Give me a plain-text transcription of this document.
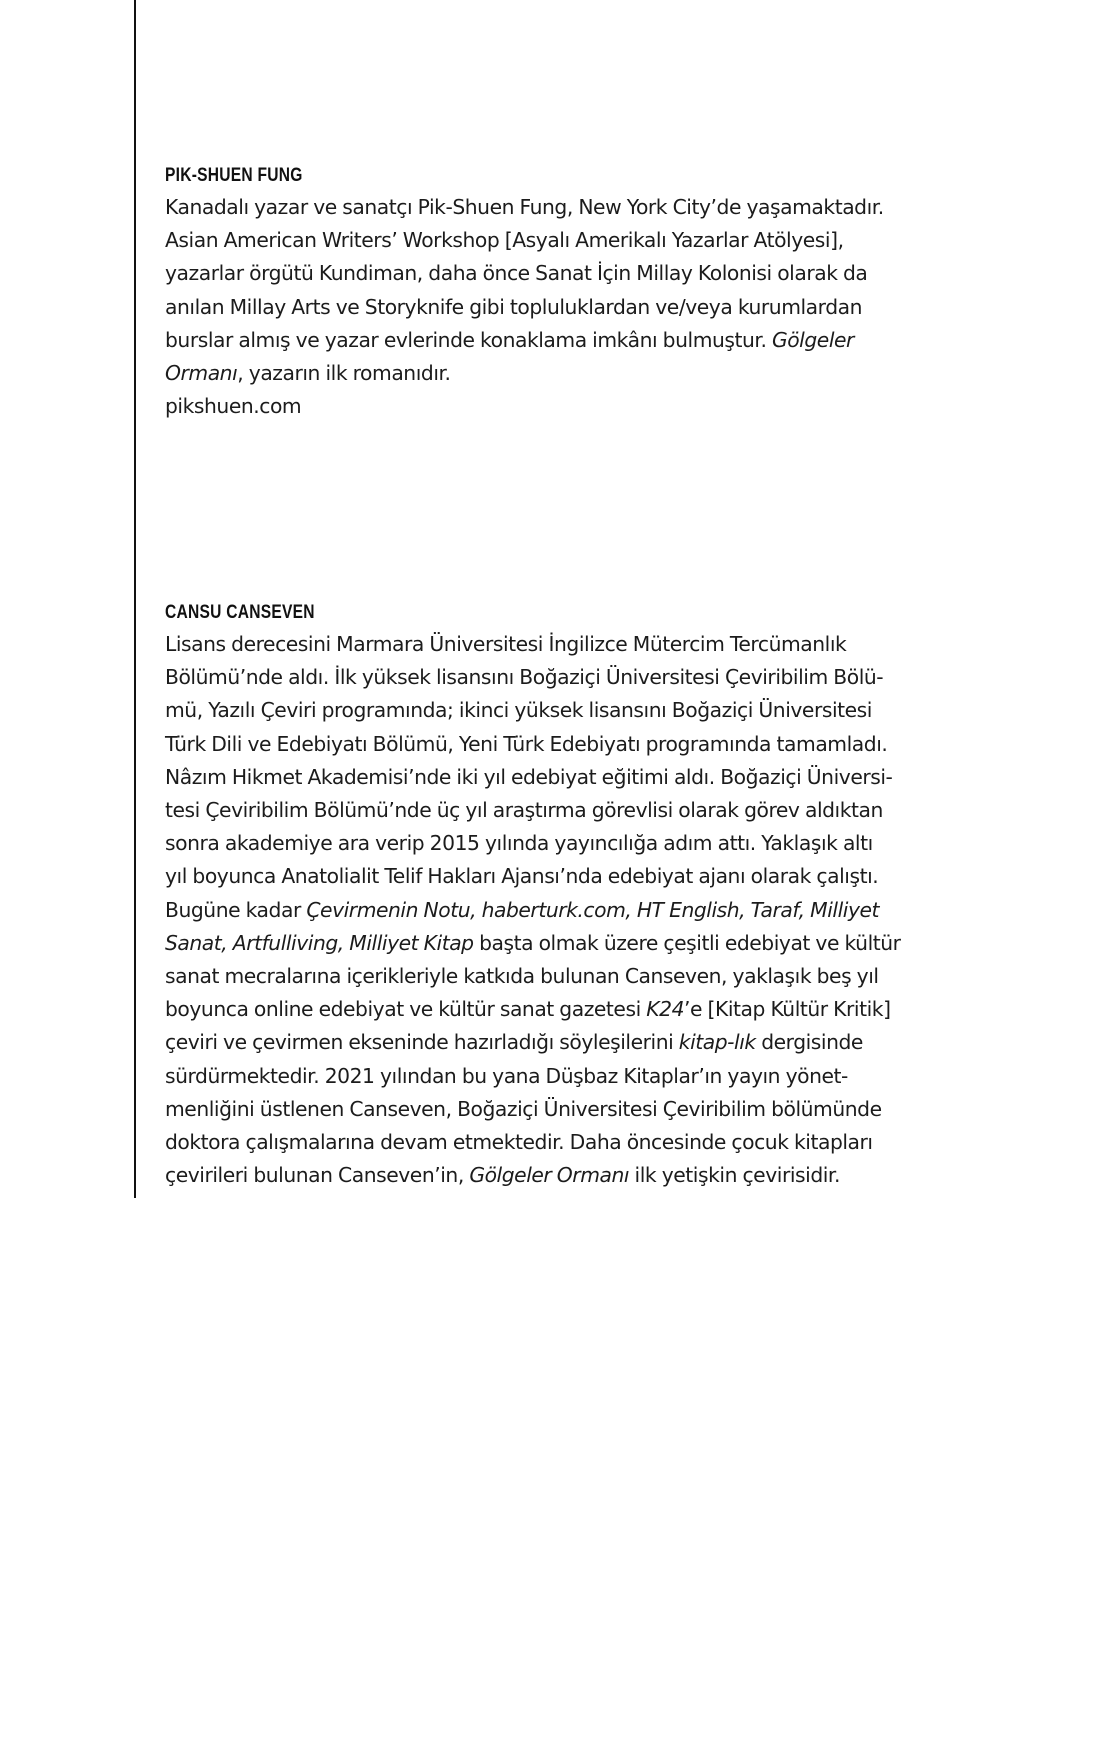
PIK-SHUEN FUNG

Kanadalı yazar ve sanatçı Pik-Shuen Fung, New York City’de yaşamaktadır.
Asian American Writers’ Workshop [Asyalı Amerikalı Yazarlar Atölyesi],
yazarlar örgütü Kundiman, daha önce Sanat İçin Millay Kolonisi olarak da
anılan Millay Arts ve Storyknife gibi topluluklardan ve/veya kurumlardan
burslar almış ve yazar evlerinde konaklama imkânı bulmuştur. Gölgeler
Ormanı, yazarın ilk romanıdır.
pikshuen.com

CANSU CANSEVEN

Lisans derecesini Marmara Üniversitesi İngilizce Mütercim Tercümanlık
Bölümü’nde aldı. İlk yüksek lisansını Boğaziçi Üniversitesi Çeviribilim Bölü-
mü, Yazılı Çeviri programında; ikinci yüksek lisansını Boğaziçi Üniversitesi
Türk Dili ve Edebiyatı Bölümü, Yeni Türk Edebiyatı programında tamamladı.
Nâzım Hikmet Akademisi’nde iki yıl edebiyat eğitimi aldı. Boğaziçi Üniversi-
tesi Çeviribilim Bölümü’nde üç yıl araştırma görevlisi olarak görev aldıktan
sonra akademiye ara verip 2015 yılında yayıncılığa adım attı. Yaklaşık altı
yıl boyunca Anatolialit Telif Hakları Ajansı’nda edebiyat ajanı olarak çalıştı.
Bugüne kadar Çevirmenin Notu, haberturk.com, HT English, Taraf, Milliyet
Sanat, Artfulliving, Milliyet Kitap başta olmak üzere çeşitli edebiyat ve kültür
sanat mecralarına içerikleriyle katkıda bulunan Canseven, yaklaşık beş yıl
boyunca online edebiyat ve kültür sanat gazetesi K24’e [Kitap Kültür Kritik]
çeviri ve çevirmen ekseninde hazırladığı söyleşilerini kitap-lık dergisinde
sürdürmektedir. 2021 yılından bu yana Düşbaz Kitaplar’ın yayın yönet-
menliğini üstlenen Canseven, Boğaziçi Üniversitesi Çeviribilim bölümünde
doktora çalışmalarına devam etmektedir. Daha öncesinde çocuk kitapları
çevirileri bulunan Canseven’in, Gölgeler Ormanı ilk yetişkin çevirisidir.
